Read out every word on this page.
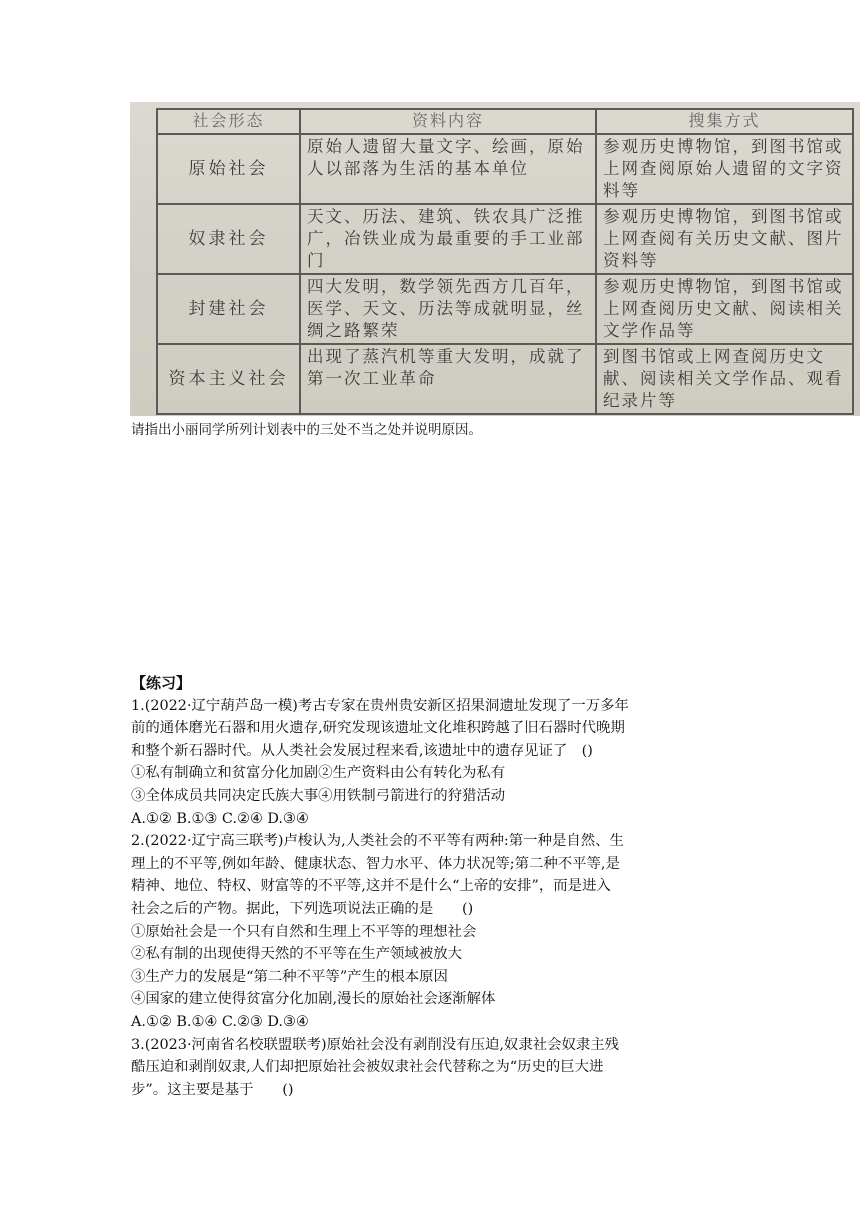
社会形态	资料内容	搜集方式
原始社会	原始人遗留大量文字、绘画，原始人以部落为生活的基本单位	参观历史博物馆，到图书馆或上网查阅原始人遗留的文字资料等
奴隶社会	天文、历法、建筑、铁农具广泛推广，冶铁业成为最重要的手工业部门	参观历史博物馆，到图书馆或上网查阅有关历史文献、图片资料等
封建社会	四大发明，数学领先西方几百年，医学、天文、历法等成就明显，丝绸之路繁荣	参观历史博物馆，到图书馆或上网查阅历史文献、阅读相关文学作品等
资本主义社会	出现了蒸汽机等重大发明，成就了第一次工业革命	到图书馆或上网查阅历史文献、阅读相关文学作品、观看纪录片等
请指出小丽同学所列计划表中的三处不当之处并说明原因。

【练习】

1.(2022·辽宁葫芦岛一模)考古专家在贵州贵安新区招果洞遗址发现了一万多年

前的通体磨光石器和用火遗存,研究发现该遗址文化堆积跨越了旧石器时代晚期

和整个新石器时代。从人类社会发展过程来看,该遗址中的遗存见证了　()

①私有制确立和贫富分化加剧②生产资料由公有转化为私有

③全体成员共同决定氏族大事④用铁制弓箭进行的狩猎活动

A.①② B.①③ C.②④ D.③④

2.(2022·辽宁高三联考)卢梭认为,人类社会的不平等有两种:第一种是自然、生

理上的不平等,例如年龄、健康状态、智力水平、体力状况等;第二种不平等,是

精神、地位、特权、财富等的不平等,这并不是什么“上帝的安排”，而是进入

社会之后的产物。据此，下列选项说法正确的是　　()

①原始社会是一个只有自然和生理上不平等的理想社会

②私有制的出现使得天然的不平等在生产领域被放大

③生产力的发展是“第二种不平等”产生的根本原因

④国家的建立使得贫富分化加剧,漫长的原始社会逐渐解体

A.①② B.①④ C.②③ D.③④

3.(2023·河南省名校联盟联考)原始社会没有剥削没有压迫,奴隶社会奴隶主残

酷压迫和剥削奴隶,人们却把原始社会被奴隶社会代替称之为“历史的巨大进

步”。这主要是基于　　()
